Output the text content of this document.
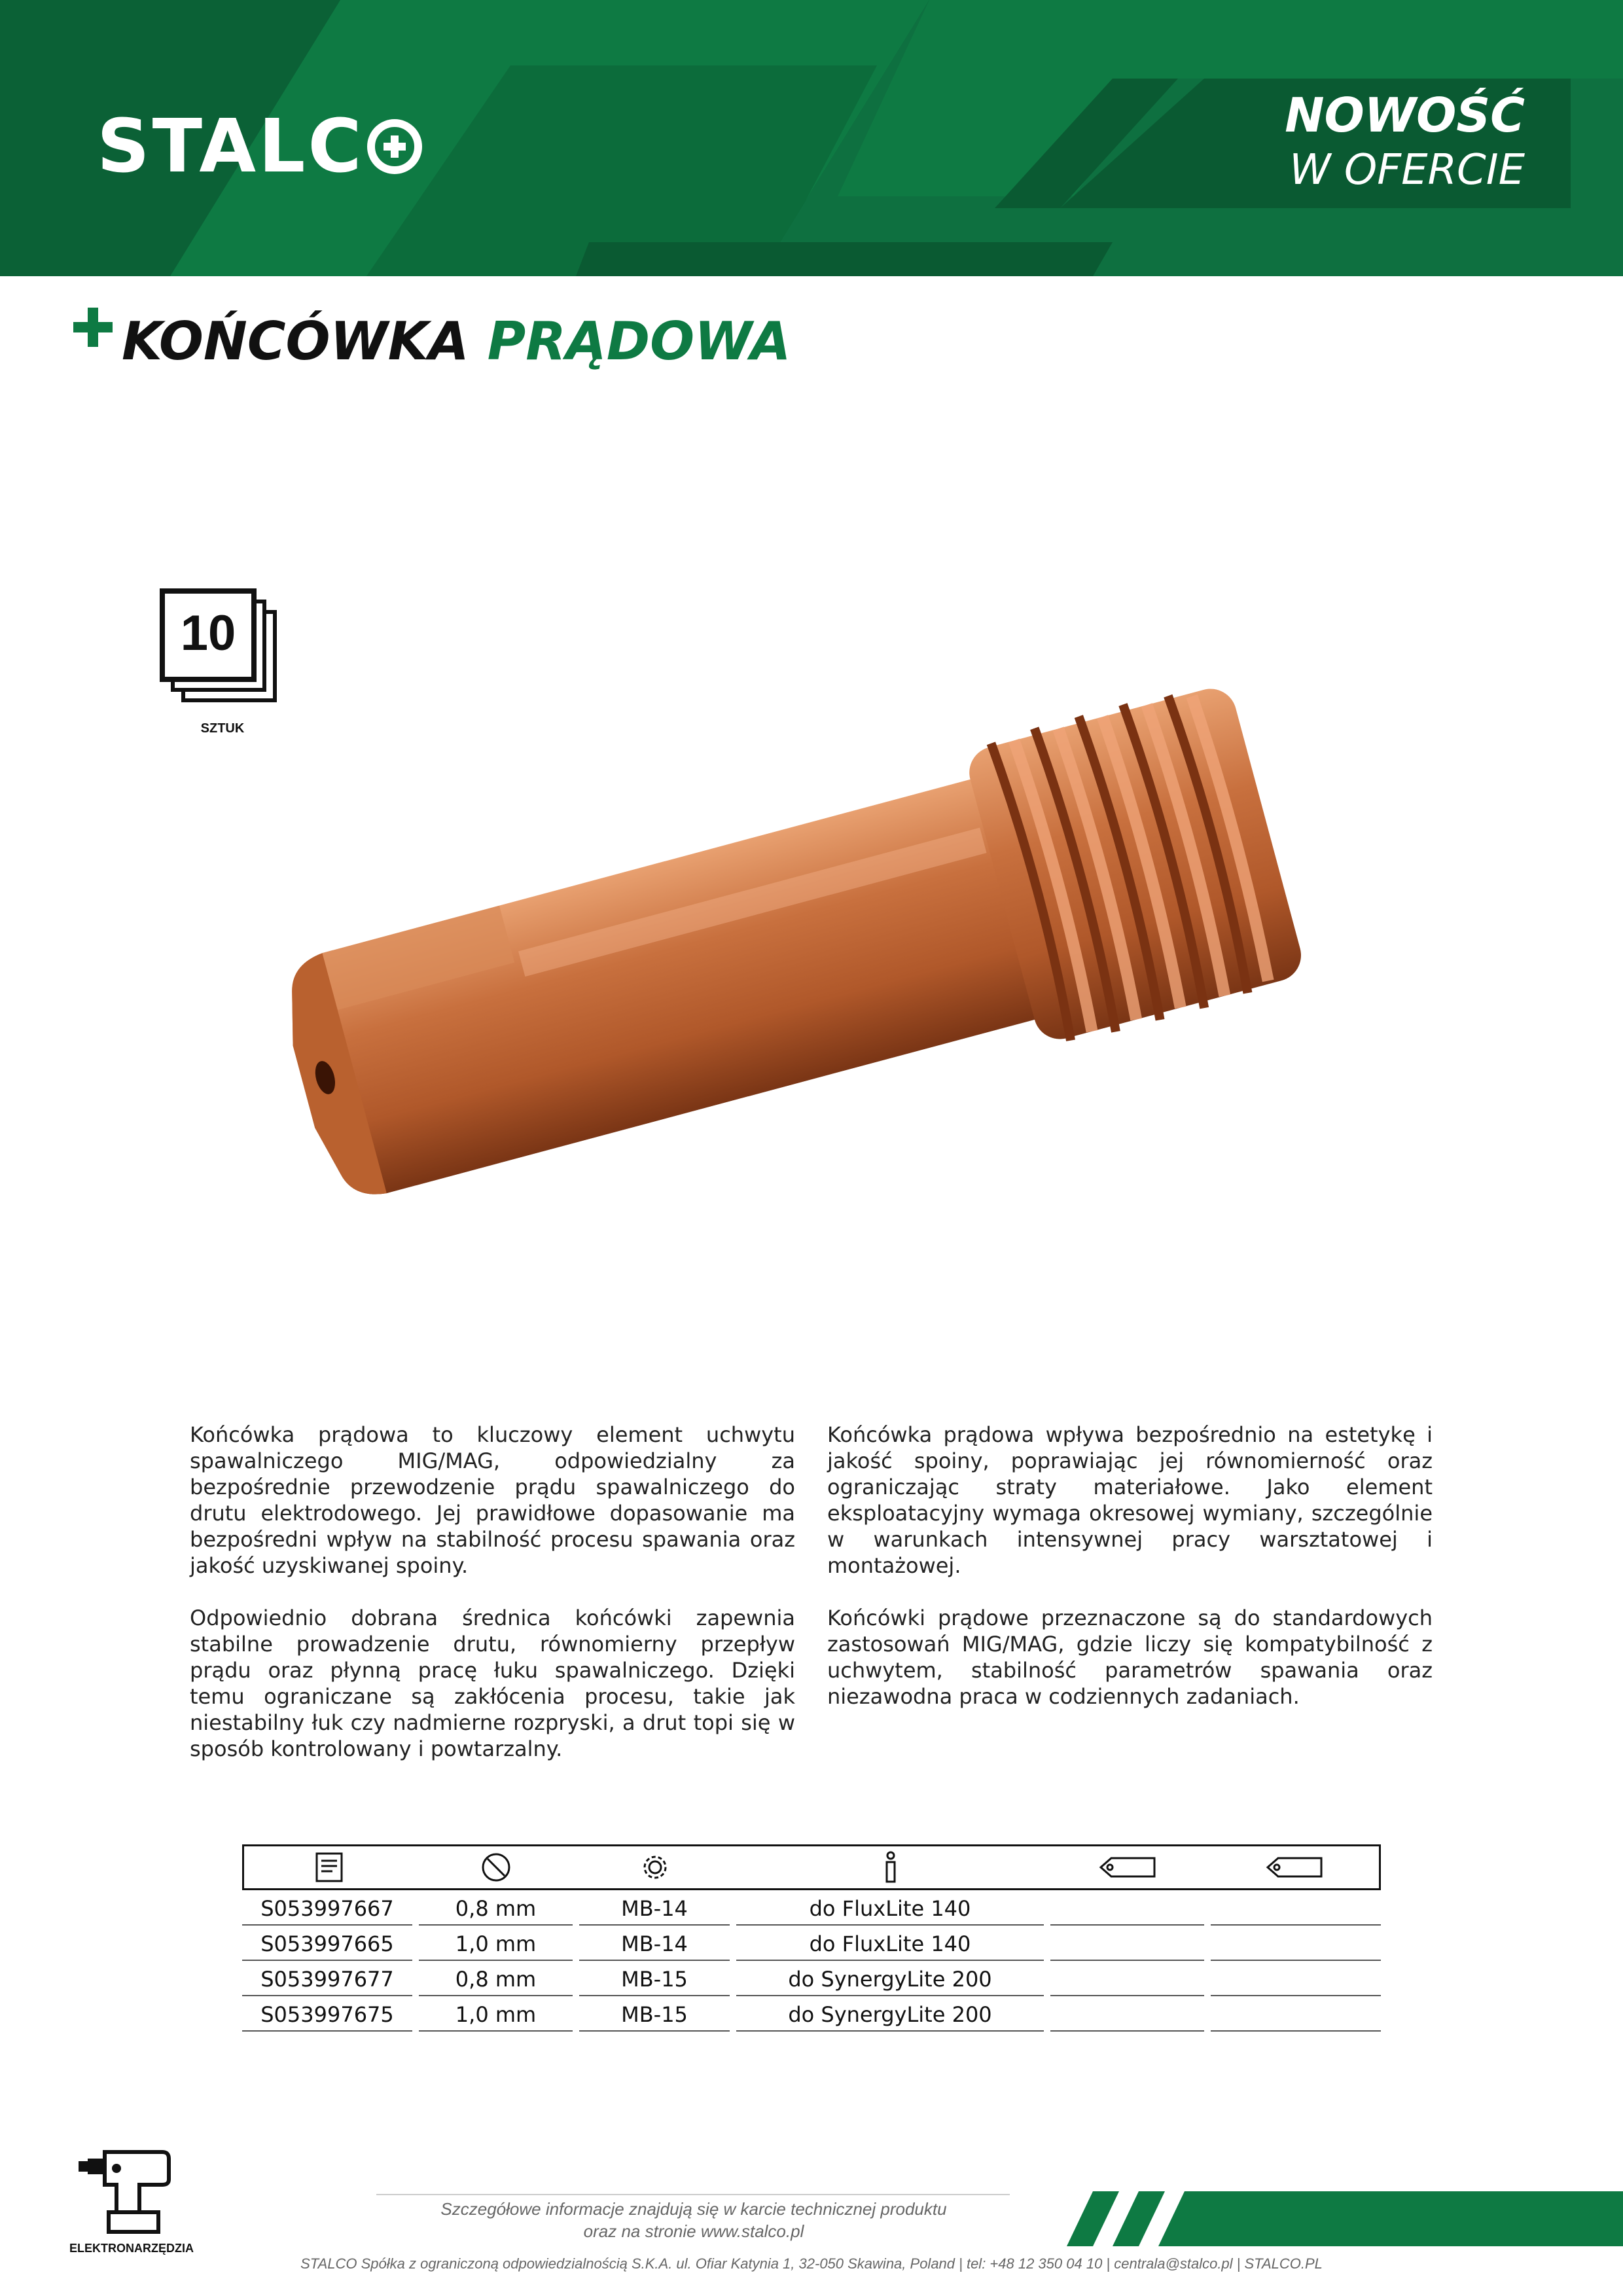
STALC	NOWOŚĆ
W OFERCIE
KOŃCÓWKA PRĄDOWA
10
SZTUK

Końcówka prądowa to kluczowy element uchwytu spawalniczego MIG/MAG, odpowiedzialny za bezpośrednie przewodzenie prądu spawalniczego do drutu elektrodowego. Jej prawidłowe dopasowanie ma bezpośredni wpływ na stabilność procesu spawania oraz jakość uzyskiwanej spoiny.

Odpowiednio dobrana średnica końcówki zapewnia stabilne prowadzenie drutu, równomierny przepływ prądu oraz płynną pracę łuku spawalniczego. Dzięki temu ograniczane są zakłócenia procesu, takie jak niestabilny łuk czy nadmierne rozpryski, a drut topi się w sposób kontrolowany i powtarzalny.

Końcówka prądowa wpływa bezpośrednio na estetykę i jakość spoiny, poprawiając jej równomierność oraz ograniczając straty materiałowe. Jako element eksploatacyjny wymaga okresowej wymiany, szczególnie w warunkach intensywnej pracy warsztatowej i montażowej.

Końcówki prądowe przeznaczone są do standardowych zastosowań MIG/MAG, gdzie liczy się kompatybilność z uchwytem, stabilność parametrów spawania oraz niezawodna praca w codziennych zadaniach.

S053997667	0,8 mm	MB-14	do FluxLite 140
S053997665	1,0 mm	MB-14	do FluxLite 140
S053997677	0,8 mm	MB-15	do SynergyLite 200
S053997675	1,0 mm	MB-15	do SynergyLite 200
ELEKTRONARZĘDZIA
Szczegółowe informacje znajdują się w karcie technicznej produktu
oraz na stronie www.stalco.pl
STALCO Spółka z ograniczoną odpowiedzialnością S.K.A. ul. Ofiar Katynia 1, 32-050 Skawina, Poland | tel: +48 12 350 04 10 | centrala@stalco.pl | STALCO.PL
